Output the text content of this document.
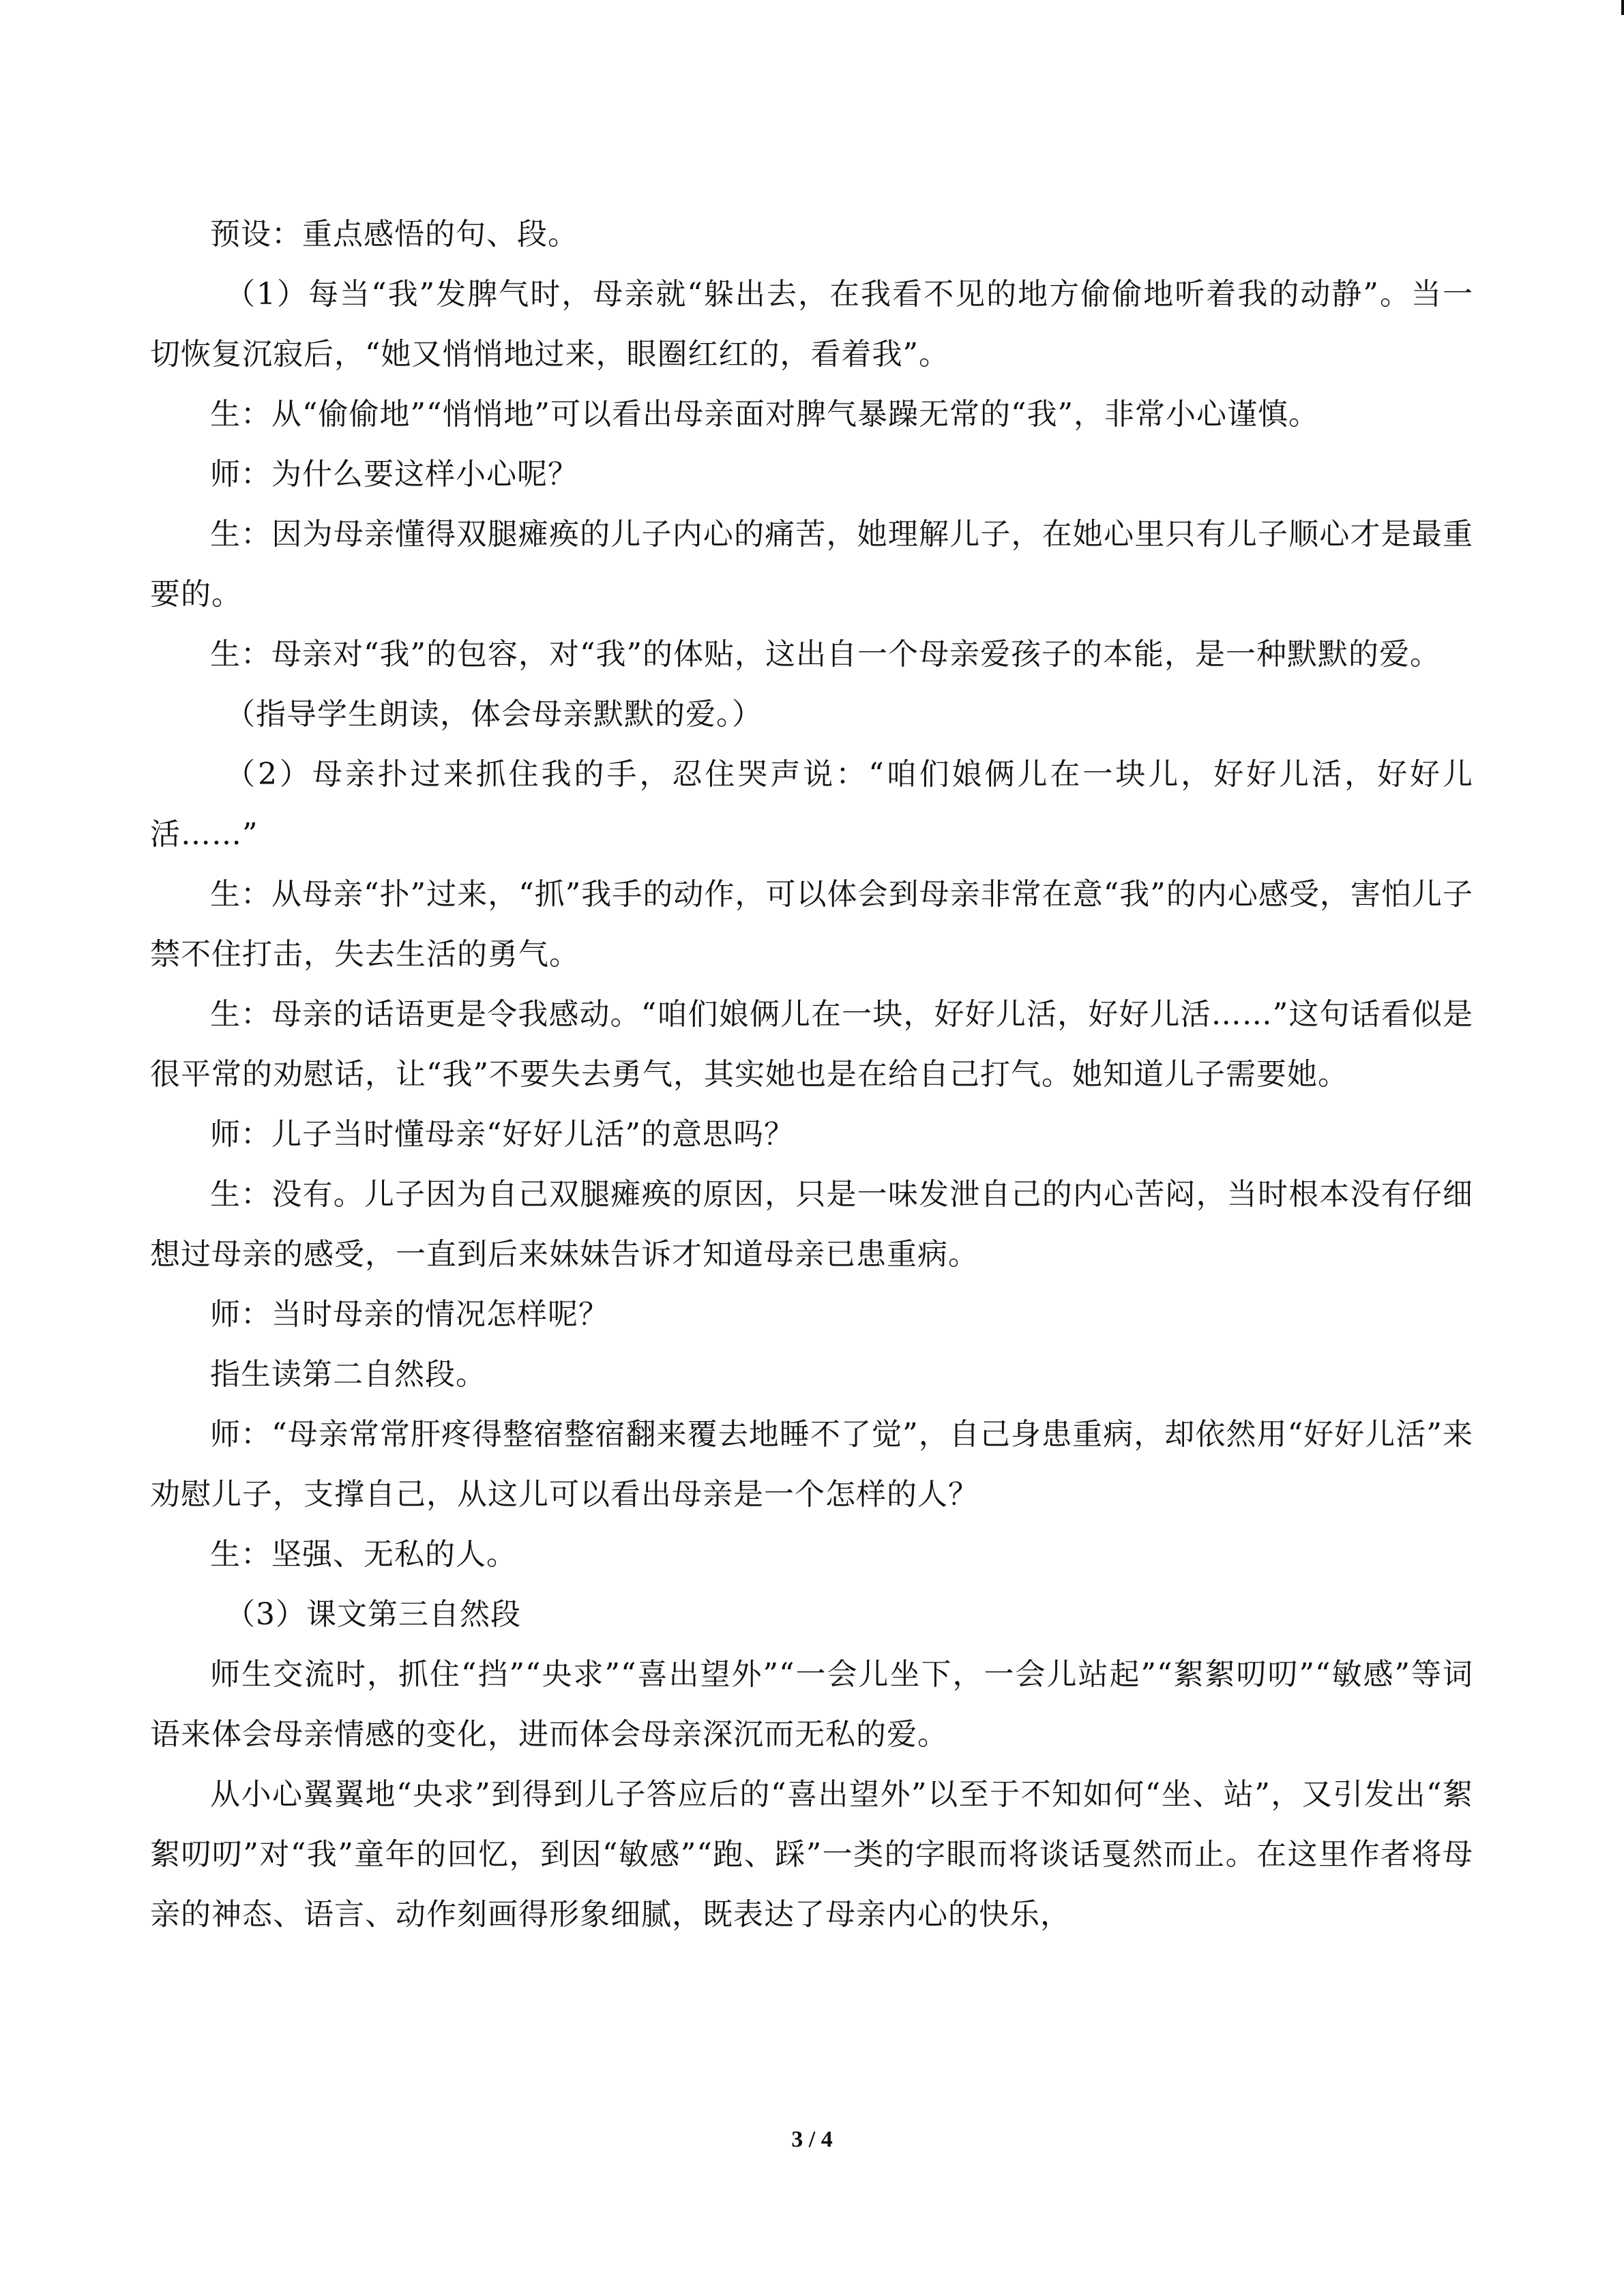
预设：重点感悟的句、段。

（1）每当“我”发脾气时，母亲就“躲出去，在我看不见的地方偷偷地听着我的动静”。当一切恢复沉寂后，“她又悄悄地过来，眼圈红红的，看着我”。

生：从“偷偷地”“悄悄地”可以看出母亲面对脾气暴躁无常的“我”，非常小心谨慎。

师：为什么要这样小心呢？

生：因为母亲懂得双腿瘫痪的儿子内心的痛苦，她理解儿子，在她心里只有儿子顺心才是最重要的。

生：母亲对“我”的包容，对“我”的体贴，这出自一个母亲爱孩子的本能，是一种默默的爱。

（指导学生朗读，体会母亲默默的爱。）

（2）母亲扑过来抓住我的手，忍住哭声说：“咱们娘俩儿在一块儿，好好儿活，好好儿活……”

生：从母亲“扑”过来，“抓”我手的动作，可以体会到母亲非常在意“我”的内心感受，害怕儿子禁不住打击，失去生活的勇气。

生：母亲的话语更是令我感动。“咱们娘俩儿在一块，好好儿活，好好儿活……”这句话看似是很平常的劝慰话，让“我”不要失去勇气，其实她也是在给自己打气。她知道儿子需要她。

师：儿子当时懂母亲“好好儿活”的意思吗？

生：没有。儿子因为自己双腿瘫痪的原因，只是一味发泄自己的内心苦闷，当时根本没有仔细想过母亲的感受，一直到后来妹妹告诉才知道母亲已患重病。

师：当时母亲的情况怎样呢？

指生读第二自然段。

师：“母亲常常肝疼得整宿整宿翻来覆去地睡不了觉”，自己身患重病，却依然用“好好儿活”来劝慰儿子，支撑自己，从这儿可以看出母亲是一个怎样的人？

生：坚强、无私的人。

（3）课文第三自然段

师生交流时，抓住“挡”“央求”“喜出望外”“一会儿坐下，一会儿站起”“絮絮叨叨”“敏感”等词语来体会母亲情感的变化，进而体会母亲深沉而无私的爱。

从小心翼翼地“央求”到得到儿子答应后的“喜出望外”以至于不知如何“坐、站”，又引发出“絮絮叨叨”对“我”童年的回忆，到因“敏感”“跑、踩”一类的字眼而将谈话戛然而止。在这里作者将母亲的神态、语言、动作刻画得形象细腻，既表达了母亲内心的快乐，

3 / 4
